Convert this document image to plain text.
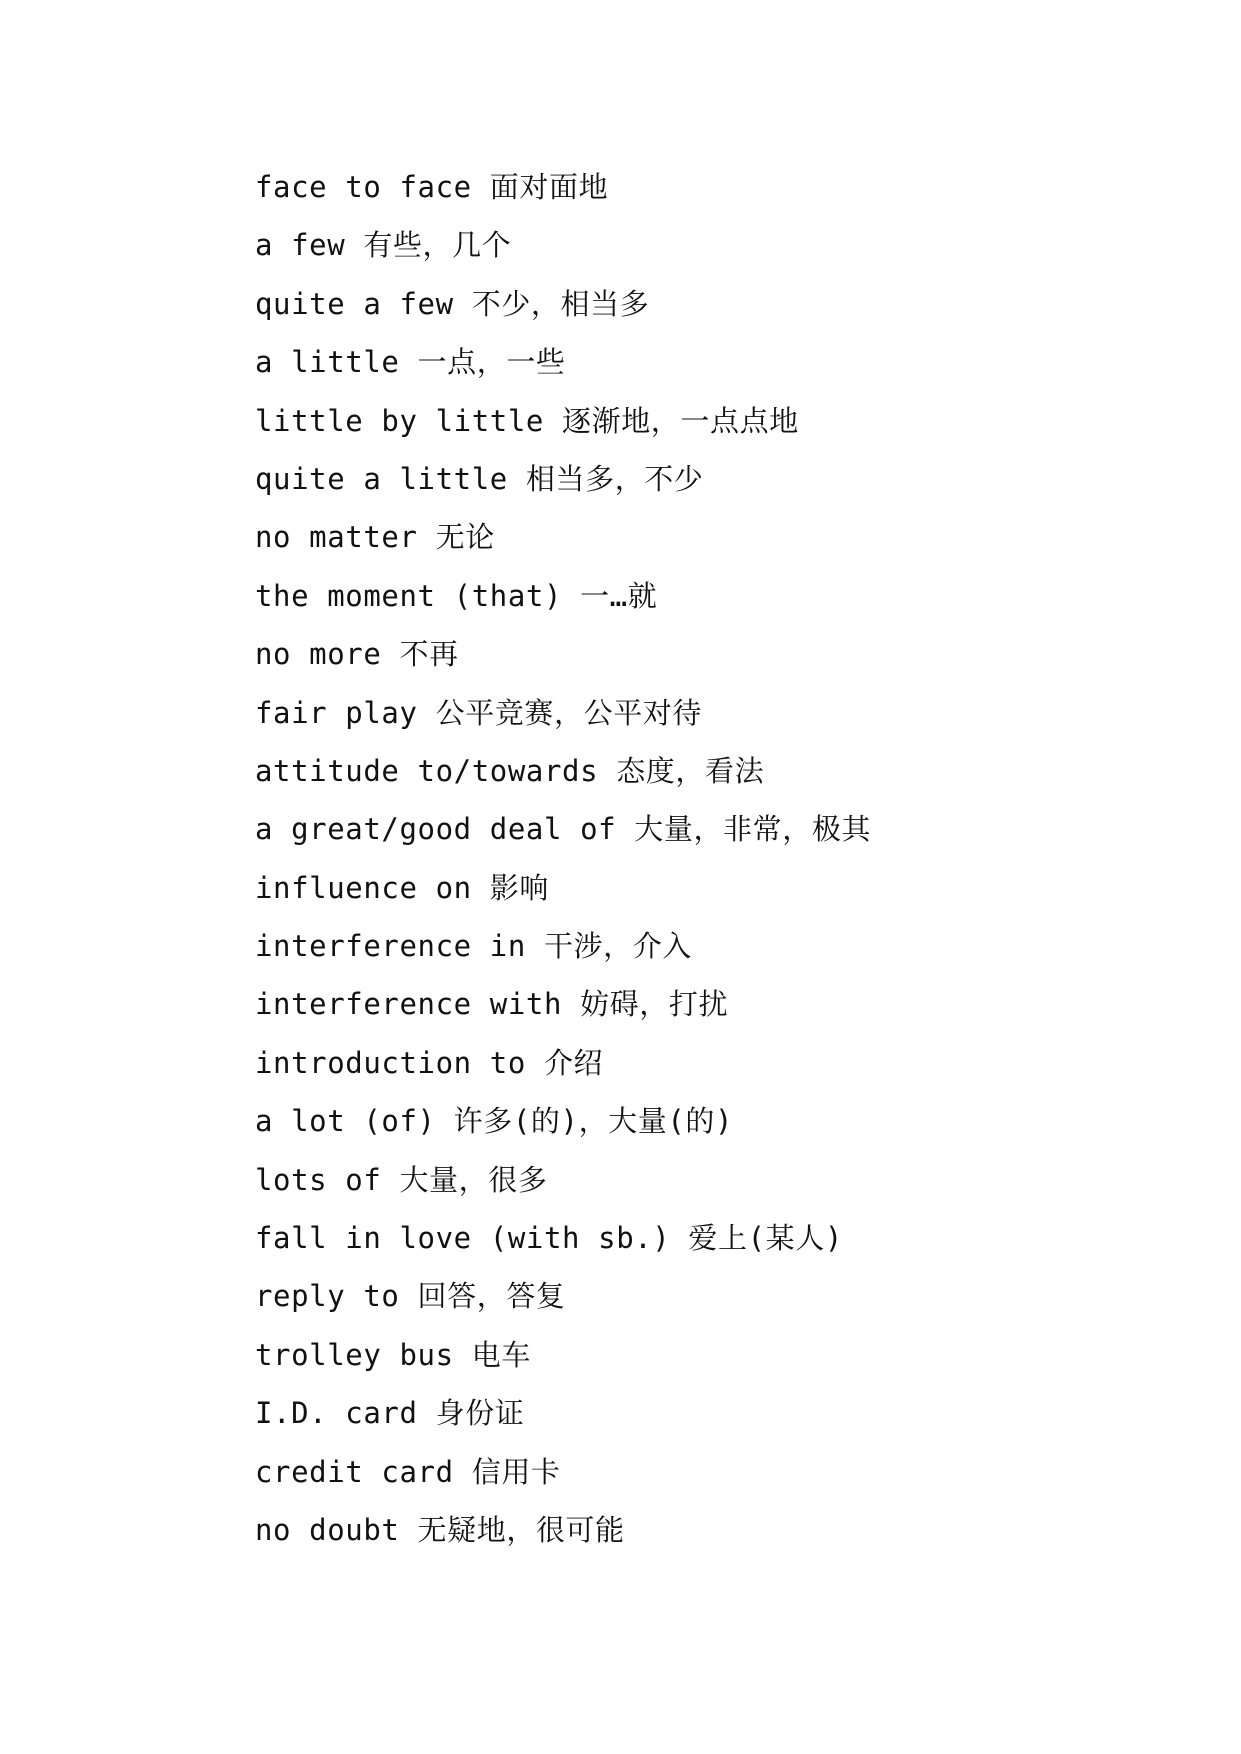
face to face 面对面地
a few 有些，几个
quite a few 不少，相当多
a little 一点，一些
little by little 逐渐地，一点点地
quite a little 相当多，不少
no matter 无论
the moment (that) 一…就
no more 不再
fair play 公平竞赛，公平对待
attitude to/towards 态度，看法
a great/good deal of 大量，非常，极其
influence on 影响
interference in 干涉，介入
interference with 妨碍，打扰
introduction to 介绍
a lot (of) 许多(的)，大量(的)
lots of 大量，很多
fall in love (with sb.) 爱上(某人)
reply to 回答，答复
trolley bus 电车
I.D. card 身份证
credit card 信用卡
no doubt 无疑地，很可能
